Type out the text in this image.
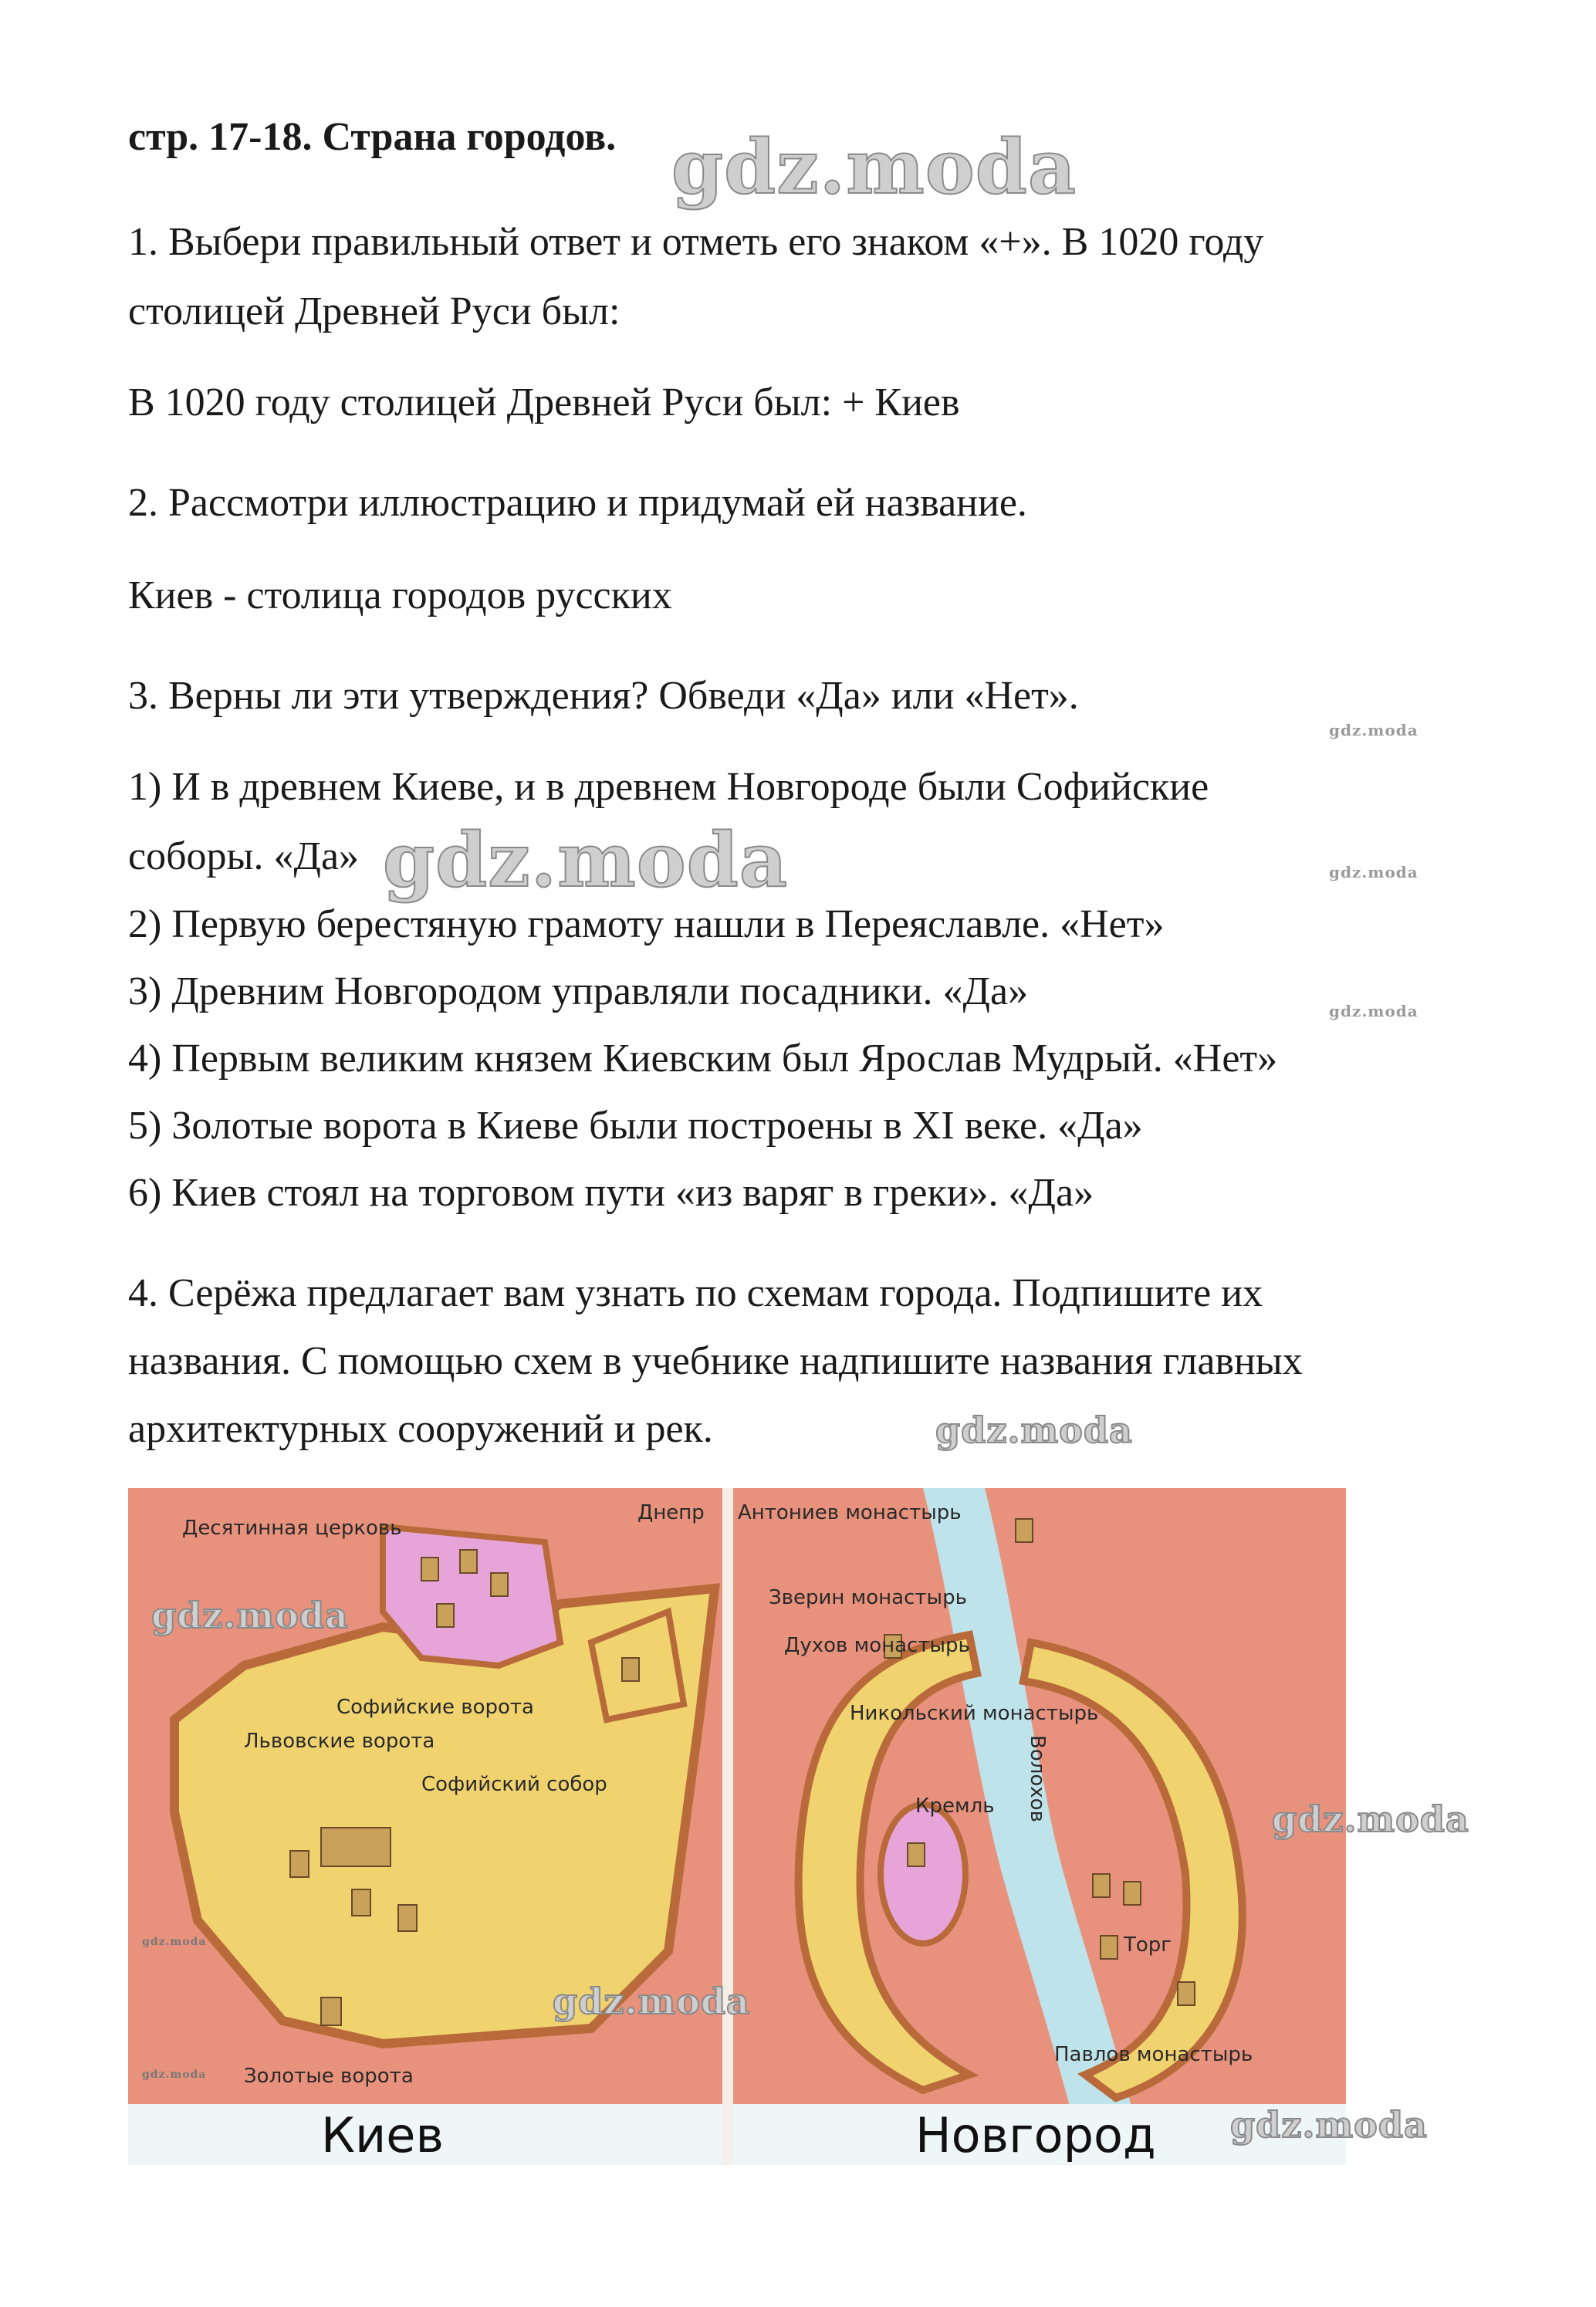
стр. 17-18. Страна городов.
1. Выбери правильный ответ и отметь его знаком «+». В 1020 году
столицей Древней Руси был:
В 1020 году столицей Древней Руси был: + Киев
2. Рассмотри иллюстрацию и придумай ей название.
Киев - столица городов русских
3. Верны ли эти утверждения? Обведи «Да» или «Нет».
1) И в древнем Киеве, и в древнем Новгороде были Софийские
соборы. «Да»
2) Первую берестяную грамоту нашли в Переяславле. «Нет»
3) Древним Новгородом управляли посадники. «Да»
4) Первым великим князем Киевским был Ярослав Мудрый. «Нет»
5) Золотые ворота в Киеве были построены в XI веке. «Да»
6) Киев стоял на торговом пути «из варяг в греки». «Да»
4. Серёжа предлагает вам узнать по схемам города. Подпишите их
названия. С помощью схем в учебнике надпишите названия главных
архитектурных сооружений и рек.
Десятинная церковь
Софийские ворота
Львовские ворота
Софийский собор
Золотые ворота
Киев
Днепр Антониев монастырь
Зверин монастырь
Духов монастырь
Никольский монастырь
Кремль Волохов
Торг
Павлов монастырь
Новгород
gdz.moda
gdz.moda
gdz.moda	gdz.moda
gdz.moda
gdz.moda
gdz.moda
gdz.moda
gdz.moda
gdz.moda
gdz.moda
gdz.moda
